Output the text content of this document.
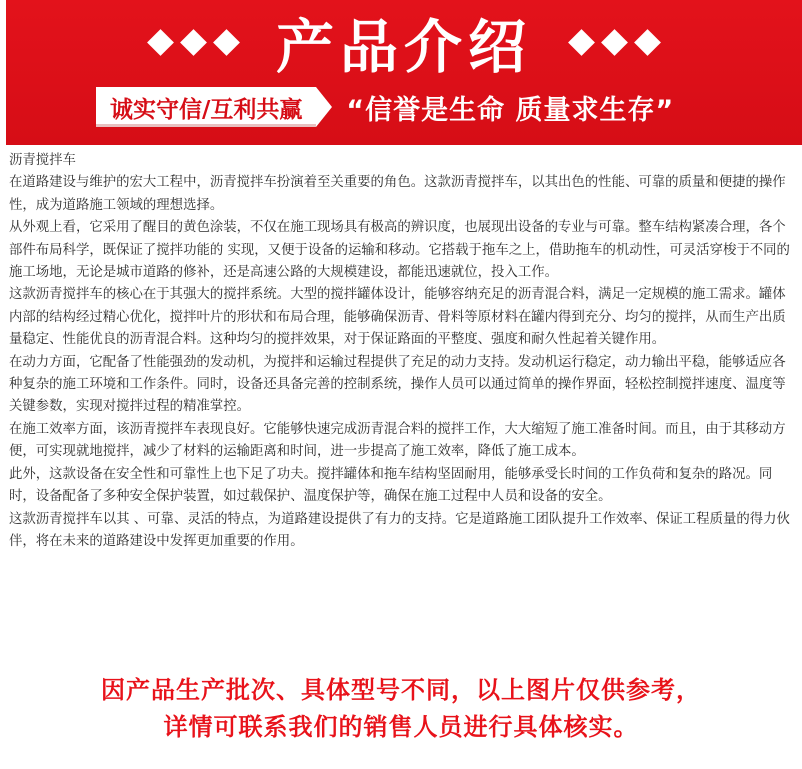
产品介绍
诚实守信/互利共赢	“信誉是生命 质量求生存”

沥青搅拌车

在道路建设与维护的宏大工程中，沥青搅拌车扮演着至关重要的角色。这款沥青搅拌车，以其出色的性能、可靠的质量和便捷的操作性，成为道路施工领域的理想选择。

从外观上看，它采用了醒目的黄色涂装，不仅在施工现场具有极高的辨识度，也展现出设备的专业与可靠。整车结构紧凑合理，各个部件布局科学，既保证了搅拌功能的 实现，又便于设备的运输和移动。它搭载于拖车之上，借助拖车的机动性，可灵活穿梭于不同的施工场地，无论是城市道路的修补，还是高速公路的大规模建设，都能迅速就位，投入工作。

这款沥青搅拌车的核心在于其强大的搅拌系统。大型的搅拌罐体设计，能够容纳充足的沥青混合料，满足一定规模的施工需求。罐体内部的结构经过精心优化，搅拌叶片的形状和布局合理，能够确保沥青、骨料等原材料在罐内得到充分、均匀的搅拌，从而生产出质量稳定、性能优良的沥青混合料。这种均匀的搅拌效果，对于保证路面的平整度、强度和耐久性起着关键作用。

在动力方面，它配备了性能强劲的发动机，为搅拌和运输过程提供了充足的动力支持。发动机运行稳定，动力输出平稳，能够适应各种复杂的施工环境和工作条件。同时，设备还具备完善的控制系统，操作人员可以通过简单的操作界面，轻松控制搅拌速度、温度等关键参数，实现对搅拌过程的精准掌控。

在施工效率方面，该沥青搅拌车表现良好。它能够快速完成沥青混合料的搅拌工作，大大缩短了施工准备时间。而且，由于其移动方便，可实现就地搅拌，减少了材料的运输距离和时间，进一步提高了施工效率，降低了施工成本。

此外，这款设备在安全性和可靠性上也下足了功夫。搅拌罐体和拖车结构坚固耐用，能够承受长时间的工作负荷和复杂的路况。同时，设备配备了多种安全保护装置，如过载保护、温度保护等，确保在施工过程中人员和设备的安全。

这款沥青搅拌车以其 、可靠、灵活的特点，为道路建设提供了有力的支持。它是道路施工团队提升工作效率、保证工程质量的得力伙伴，将在未来的道路建设中发挥更加重要的作用。

因产品生产批次、具体型号不同，以上图片仅供参考，
详情可联系我们的销售人员进行具体核实。
